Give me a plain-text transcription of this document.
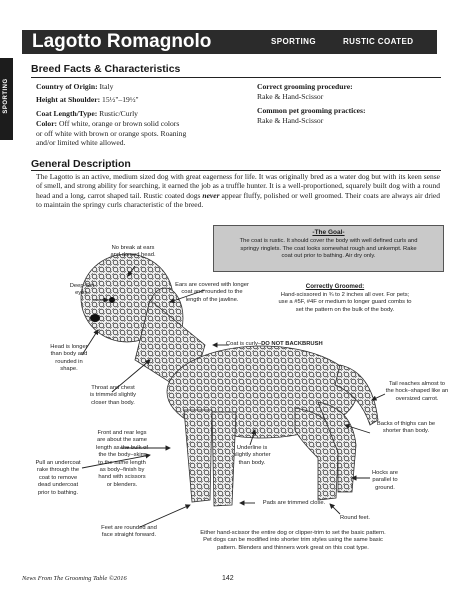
SPORTING
Lagotto Romagnolo	SPORTING	RUSTIC COATED
Breed Facts & Characteristics
Country of Origin: Italy
Height at Shoulder: 15½"–19½"
Coat Length/Type: Rustic/Curly
Color: Off white, orange or brown solid colors
or off white with brown or orange spots. Roaning
and/or limited white allowed.
Correct grooming procedure:
Rake & Hand-Scissor
Common pet grooming practices:
Rake & Hand-Scissor
General Description
The Lagotto is an active, medium sized dog with great eagerness for life. It was originally bred as a water dog but with its keen sense of smell, and strong ability for searching, it earned the job as a truffle hunter. It is a well-proportioned, squarely built dog with a round head and a long, carrot shaped tail. Rustic coated dogs never appear fluffy, polished or well groomed. Their coats are always air dried to maintain the springy curls characteristic of the breed.
-The Goal-
The coat is rustic. It should cover the body with well defined curls and
springy ringlets. The coat looks somewhat rough and unkempt. Rake
coat out prior to bathing. Air dry only.
Correctly Groomed:
Hand-scissored in ¾ to 2 inches all over. For pets;
use a #5F, #4F or medium to longer guard combs to
set the pattern on the bulk of the body.
No break at ears
and domed head.
Ears are covered with longer
coat and rounded to the
length of the jawline.
Deep-Set
eyes.
Head is longer
than body and
rounded in
shape.
Coat is curly–DO NOT BACKBRUSH
Throat and chest
is trimmed slightly
closer than body.
Tail reaches almost to
the hock–shaped like an
oversized carrot.
Front and rear legs
are about the same
length as the bulk of
the the body–skim
to the same length
as body–finish by
hand with scissors
or blenders.
Backs of thighs can be
shorter than body.
Underline is
slightly shorter
than body.
Pull an undercoat
rake through the
coat to remove
dead undercoat
prior to bathing.
Hocks are
parallel to
ground.
Pads are trimmed close.
Round feet.
Feet are rounded and
face straight forward.	Either hand-scissor the entire dog or clipper-trim to set the basic pattern.
Pet dogs can be modified into shorter trim styles using the same basic
pattern. Blenders and thinners work great on this coat type.
News From The Grooming Table ©2016	142
